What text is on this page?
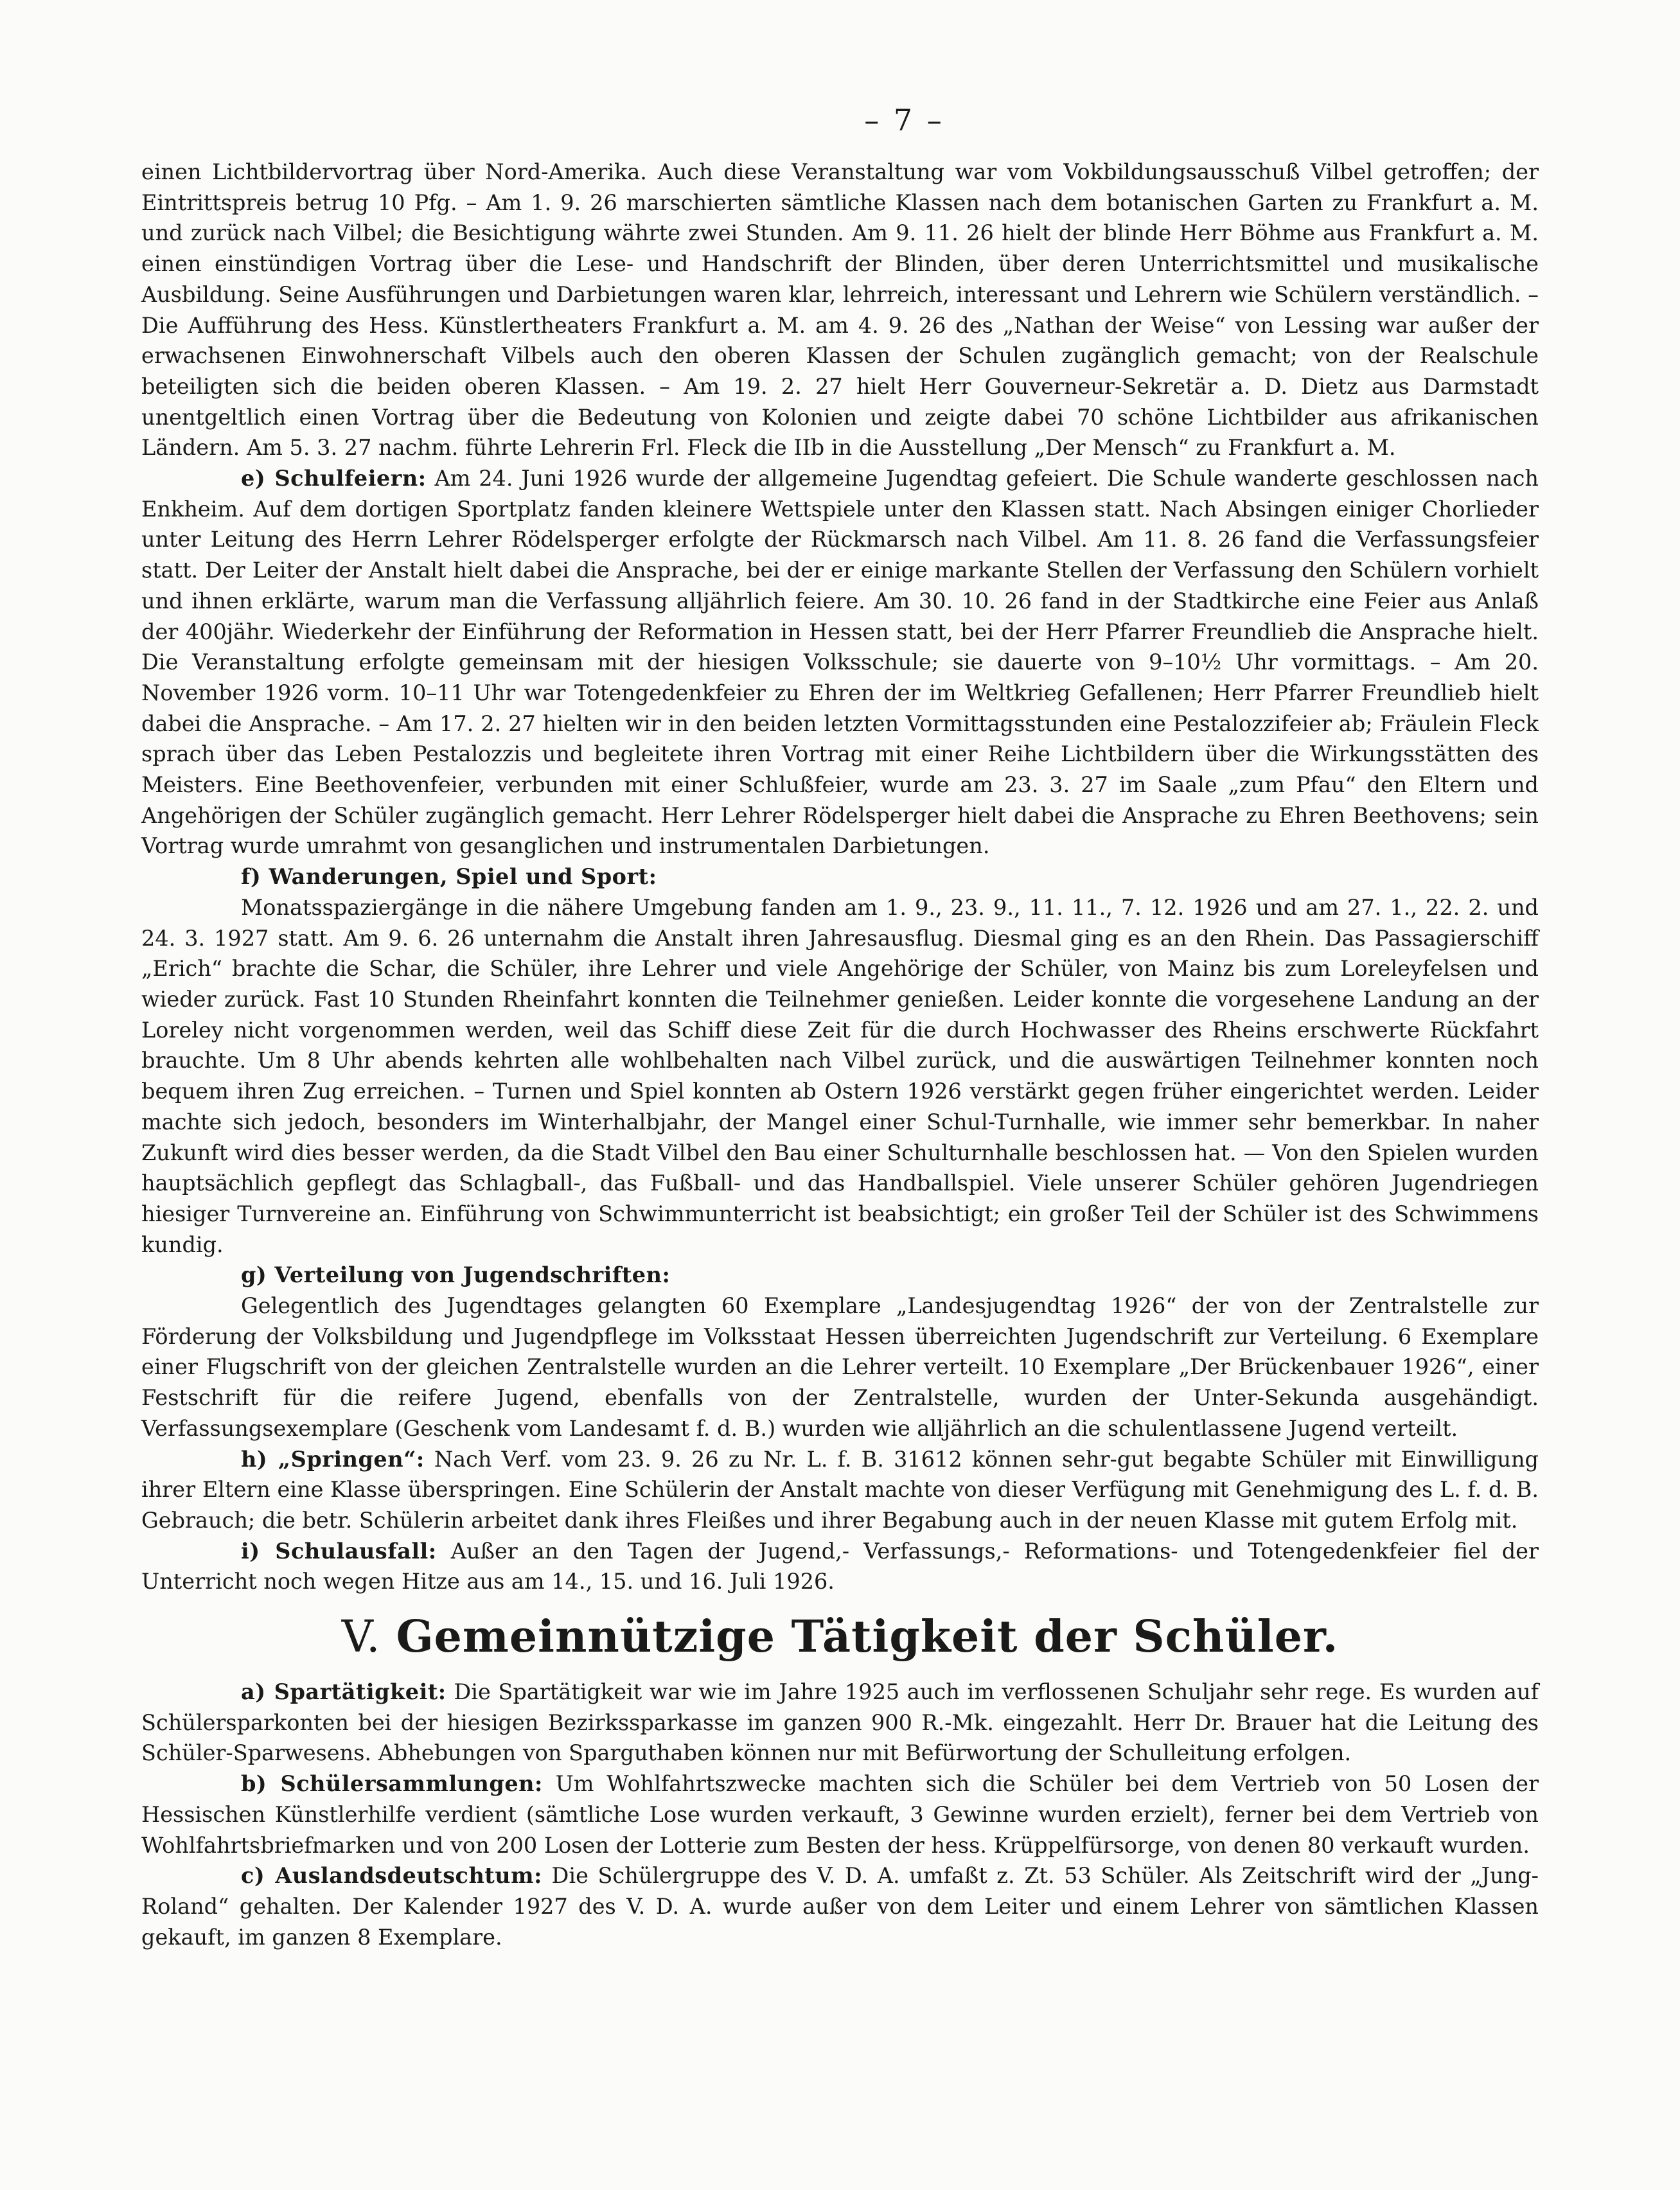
– 7 –

einen Lichtbildervortrag über Nord-Amerika. Auch diese Veranstaltung war vom Vokbildungsausschuß Vilbel getroffen; der Eintrittspreis betrug 10 Pfg. – Am 1. 9. 26 marschierten sämtliche Klassen nach dem botanischen Garten zu Frankfurt a. M. und zurück nach Vilbel; die Besichtigung währte zwei Stunden. Am 9. 11. 26 hielt der blinde Herr Böhme aus Frankfurt a. M. einen einstündigen Vortrag über die Lese- und Handschrift der Blinden, über deren Unterrichtsmittel und musikalische Ausbildung. Seine Ausführungen und Darbietungen waren klar, lehrreich, interessant und Lehrern wie Schülern verständlich. – Die Aufführung des Hess. Künstlertheaters Frankfurt a. M. am 4. 9. 26 des „Nathan der Weise“ von Lessing war außer der erwachsenen Einwohnerschaft Vilbels auch den oberen Klassen der Schulen zugänglich gemacht; von der Realschule beteiligten sich die beiden oberen Klassen. – Am 19. 2. 27 hielt Herr Gouverneur-Sekretär a. D. Dietz aus Darmstadt unentgeltlich einen Vortrag über die Bedeutung von Kolonien und zeigte dabei 70 schöne Lichtbilder aus afrikanischen Ländern. Am 5. 3. 27 nachm. führte Lehrerin Frl. Fleck die IIb in die Ausstellung „Der Mensch“ zu Frankfurt a. M.

e) Schulfeiern: Am 24. Juni 1926 wurde der allgemeine Jugendtag gefeiert. Die Schule wanderte geschlossen nach Enkheim. Auf dem dortigen Sportplatz fanden kleinere Wettspiele unter den Klassen statt. Nach Absingen einiger Chorlieder unter Leitung des Herrn Lehrer Rödelsperger erfolgte der Rückmarsch nach Vilbel. Am 11. 8. 26 fand die Verfassungsfeier statt. Der Leiter der Anstalt hielt dabei die Ansprache, bei der er einige markante Stellen der Verfassung den Schülern vorhielt und ihnen erklärte, warum man die Verfassung alljährlich feiere. Am 30. 10. 26 fand in der Stadtkirche eine Feier aus Anlaß der 400jähr. Wiederkehr der Einführung der Reformation in Hessen statt, bei der Herr Pfarrer Freundlieb die Ansprache hielt. Die Veranstaltung erfolgte gemeinsam mit der hiesigen Volksschule; sie dauerte von 9–10½ Uhr vormittags. – Am 20. November 1926 vorm. 10–11 Uhr war Totengedenkfeier zu Ehren der im Weltkrieg Gefallenen; Herr Pfarrer Freundlieb hielt dabei die Ansprache. – Am 17. 2. 27 hielten wir in den beiden letzten Vormittagsstunden eine Pestalozzifeier ab; Fräulein Fleck sprach über das Leben Pestalozzis und begleitete ihren Vortrag mit einer Reihe Lichtbildern über die Wirkungsstätten des Meisters. Eine Beethovenfeier, verbunden mit einer Schlußfeier, wurde am 23. 3. 27 im Saale „zum Pfau“ den Eltern und Angehörigen der Schüler zugänglich gemacht. Herr Lehrer Rödelsperger hielt dabei die Ansprache zu Ehren Beethovens; sein Vortrag wurde umrahmt von gesanglichen und instrumentalen Darbietungen.

f) Wanderungen, Spiel und Sport:

Monatsspaziergänge in die nähere Umgebung fanden am 1. 9., 23. 9., 11. 11., 7. 12. 1926 und am 27. 1., 22. 2. und 24. 3. 1927 statt. Am 9. 6. 26 unternahm die Anstalt ihren Jahresausflug. Diesmal ging es an den Rhein. Das Passagierschiff „Erich“ brachte die Schar, die Schüler, ihre Lehrer und viele Angehörige der Schüler, von Mainz bis zum Loreleyfelsen und wieder zurück. Fast 10 Stunden Rheinfahrt konnten die Teilnehmer genießen. Leider konnte die vorgesehene Landung an der Loreley nicht vorgenommen werden, weil das Schiff diese Zeit für die durch Hochwasser des Rheins erschwerte Rückfahrt brauchte. Um 8 Uhr abends kehrten alle wohlbehalten nach Vilbel zurück, und die auswärtigen Teilnehmer konnten noch bequem ihren Zug erreichen. – Turnen und Spiel konnten ab Ostern 1926 verstärkt gegen früher eingerichtet werden. Leider machte sich jedoch, besonders im Winterhalbjahr, der Mangel einer Schul-Turnhalle, wie immer sehr bemerkbar. In naher Zukunft wird dies besser werden, da die Stadt Vilbel den Bau einer Schulturnhalle beschlossen hat. — Von den Spielen wurden hauptsächlich gepflegt das Schlagball-, das Fußball- und das Handballspiel. Viele unserer Schüler gehören Jugendriegen hiesiger Turnvereine an. Einführung von Schwimmunterricht ist beabsichtigt; ein großer Teil der Schüler ist des Schwimmens kundig.

g) Verteilung von Jugendschriften:

Gelegentlich des Jugendtages gelangten 60 Exemplare „Landesjugendtag 1926“ der von der Zentralstelle zur Förderung der Volksbildung und Jugendpflege im Volksstaat Hessen überreichten Jugendschrift zur Verteilung. 6 Exemplare einer Flugschrift von der gleichen Zentralstelle wurden an die Lehrer verteilt. 10 Exemplare „Der Brückenbauer 1926“, einer Festschrift für die reifere Jugend, ebenfalls von der Zentralstelle, wurden der Unter-Sekunda ausgehändigt. Verfassungsexemplare (Geschenk vom Landesamt f. d. B.) wurden wie alljährlich an die schulentlassene Jugend verteilt.

h) „Springen“: Nach Verf. vom 23. 9. 26 zu Nr. L. f. B. 31612 können sehr-gut begabte Schüler mit Einwilligung ihrer Eltern eine Klasse überspringen. Eine Schülerin der Anstalt machte von dieser Verfügung mit Genehmigung des L. f. d. B. Gebrauch; die betr. Schülerin arbeitet dank ihres Fleißes und ihrer Begabung auch in der neuen Klasse mit gutem Erfolg mit.

i) Schulausfall: Außer an den Tagen der Jugend,- Verfassungs,- Reformations- und Totengedenkfeier fiel der Unterricht noch wegen Hitze aus am 14., 15. und 16. Juli 1926.

V. Gemeinnützige Tätigkeit der Schüler.

a) Spartätigkeit: Die Spartätigkeit war wie im Jahre 1925 auch im verflossenen Schuljahr sehr rege. Es wurden auf Schülersparkonten bei der hiesigen Bezirkssparkasse im ganzen 900 R.-Mk. eingezahlt. Herr Dr. Brauer hat die Leitung des Schüler-Sparwesens. Abhebungen von Sparguthaben können nur mit Befürwortung der Schulleitung erfolgen.

b) Schülersammlungen: Um Wohlfahrtszwecke machten sich die Schüler bei dem Vertrieb von 50 Losen der Hessischen Künstlerhilfe verdient (sämtliche Lose wurden verkauft, 3 Gewinne wurden erzielt), ferner bei dem Vertrieb von Wohlfahrtsbriefmarken und von 200 Losen der Lotterie zum Besten der hess. Krüppelfürsorge, von denen 80 verkauft wurden.

c) Auslandsdeutschtum: Die Schülergruppe des V. D. A. umfaßt z. Zt. 53 Schüler. Als Zeitschrift wird der „Jung-Roland“ gehalten. Der Kalender 1927 des V. D. A. wurde außer von dem Leiter und einem Lehrer von sämtlichen Klassen gekauft, im ganzen 8 Exemplare.
